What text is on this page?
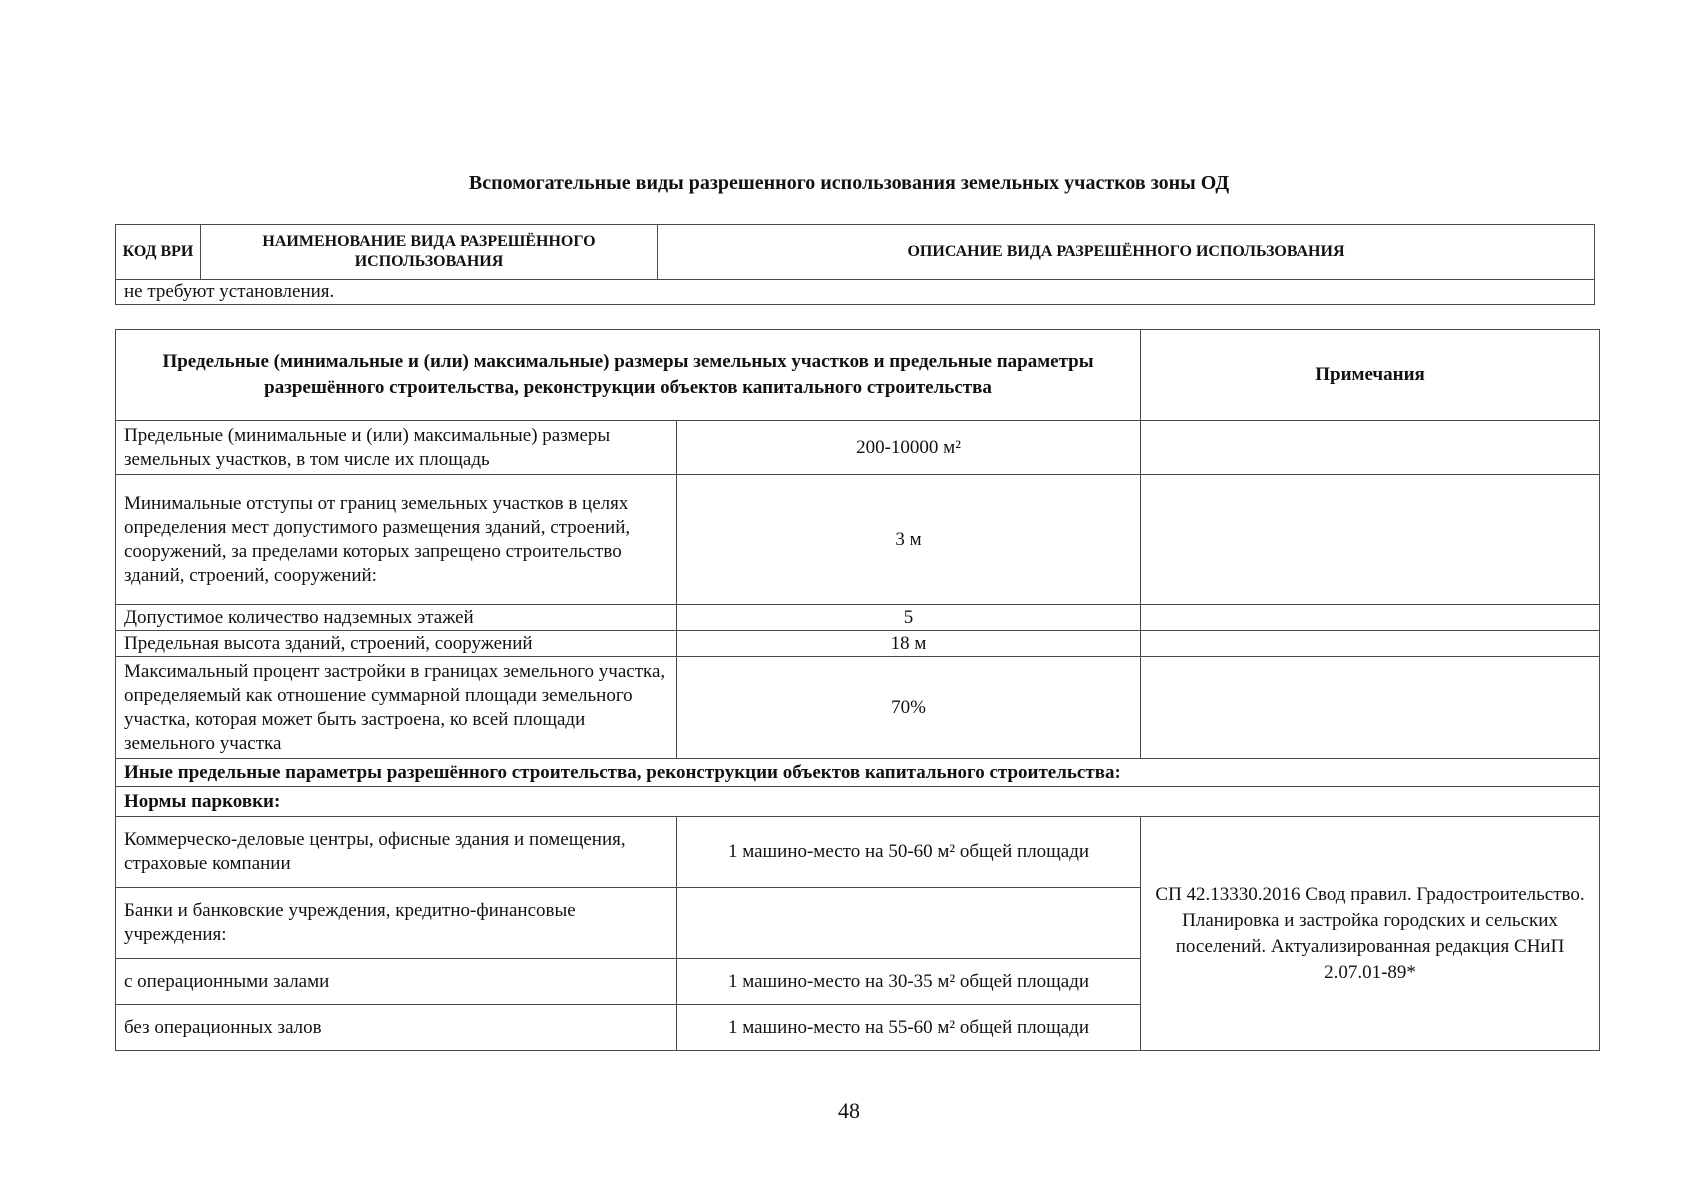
Вспомогательные виды разрешенного использования земельных участков зоны ОД
КОД ВРИ	НАИМЕНОВАНИЕ ВИДА РАЗРЕШЁННОГО ИСПОЛЬЗОВАНИЯ	ОПИСАНИЕ ВИДА РАЗРЕШЁННОГО ИСПОЛЬЗОВАНИЯ
не требуют установления.
Предельные (минимальные и (или) максимальные) размеры земельных участков и предельные параметры разрешённого строительства, реконструкции объектов капитального строительства		Примечания
Предельные (минимальные и (или) максимальные) размеры земельных участков, в том числе их площадь	200-10000 м²	
Минимальные отступы от границ земельных участков в целях определения мест допустимого размещения зданий, строений, сооружений, за пределами которых запрещено строительство зданий, строений, сооружений:	3 м	
Допустимое количество надземных этажей	5	
Предельная высота зданий, строений, сооружений	18 м	
Максимальный процент застройки в границах земельного участка, определяемый как отношение суммарной площади земельного участка, которая может быть застроена, ко всей площади земельного участка	70%	
Иные предельные параметры разрешённого строительства, реконструкции объектов капитального строительства:		
Нормы парковки:		
Коммерческо-деловые центры, офисные здания и помещения, страховые компании	1 машино-место на 50-60 м² общей площади	СП 42.13330.2016 Свод правил. Градостроительство. Планировка и застройка городских и сельских поселений. Актуализированная редакция СНиП 2.07.01-89*
Банки и банковские учреждения, кредитно-финансовые учреждения:		
с операционными залами	1 машино-место на 30-35 м² общей площади	
без операционных залов	1 машино-место на 55-60 м² общей площади	
48
